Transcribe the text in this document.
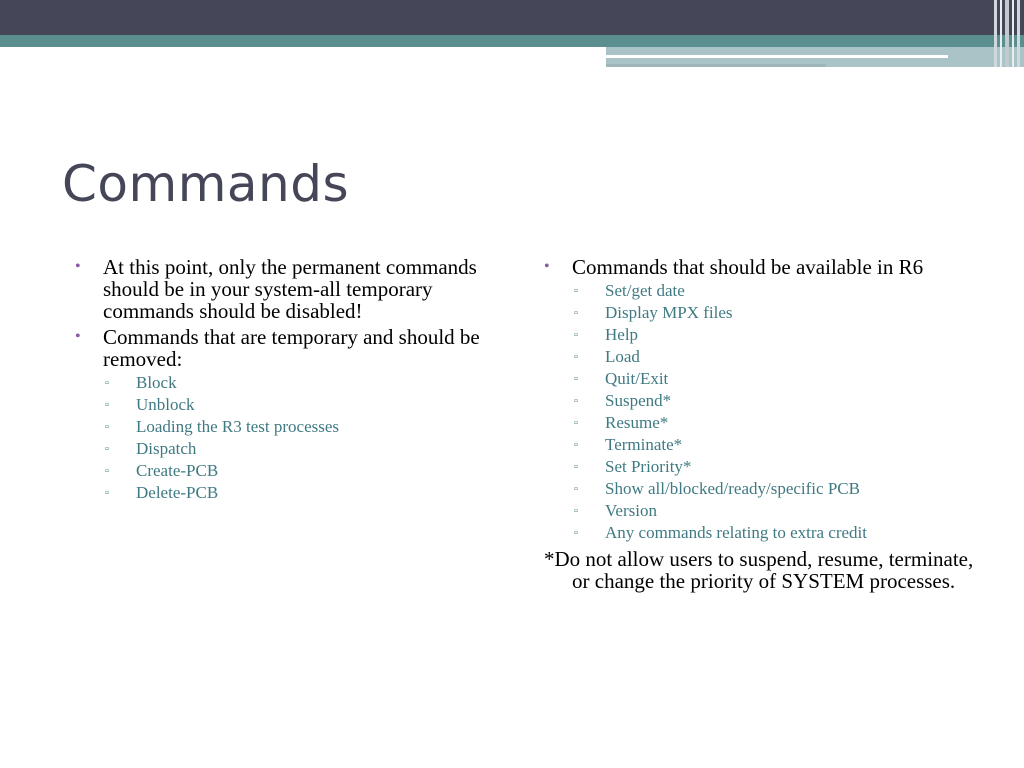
Commands
• At this point, only the permanent commands should be in your system-all temporary commands should be disabled!
• Commands that are temporary and should be removed:
▫ Block
▫ Unblock
▫ Loading the R3 test processes
▫ Dispatch
▫ Create-PCB
▫ Delete-PCB
• Commands that should be available in R6
▫ Set/get date
▫ Display MPX files
▫ Help
▫ Load
▫ Quit/Exit
▫ Suspend*
▫ Resume*
▫ Terminate*
▫ Set Priority*
▫ Show all/blocked/ready/specific PCB
▫ Version
▫ Any commands relating to extra credit
*Do not allow users to suspend, resume, terminate, or change the priority of SYSTEM processes.
